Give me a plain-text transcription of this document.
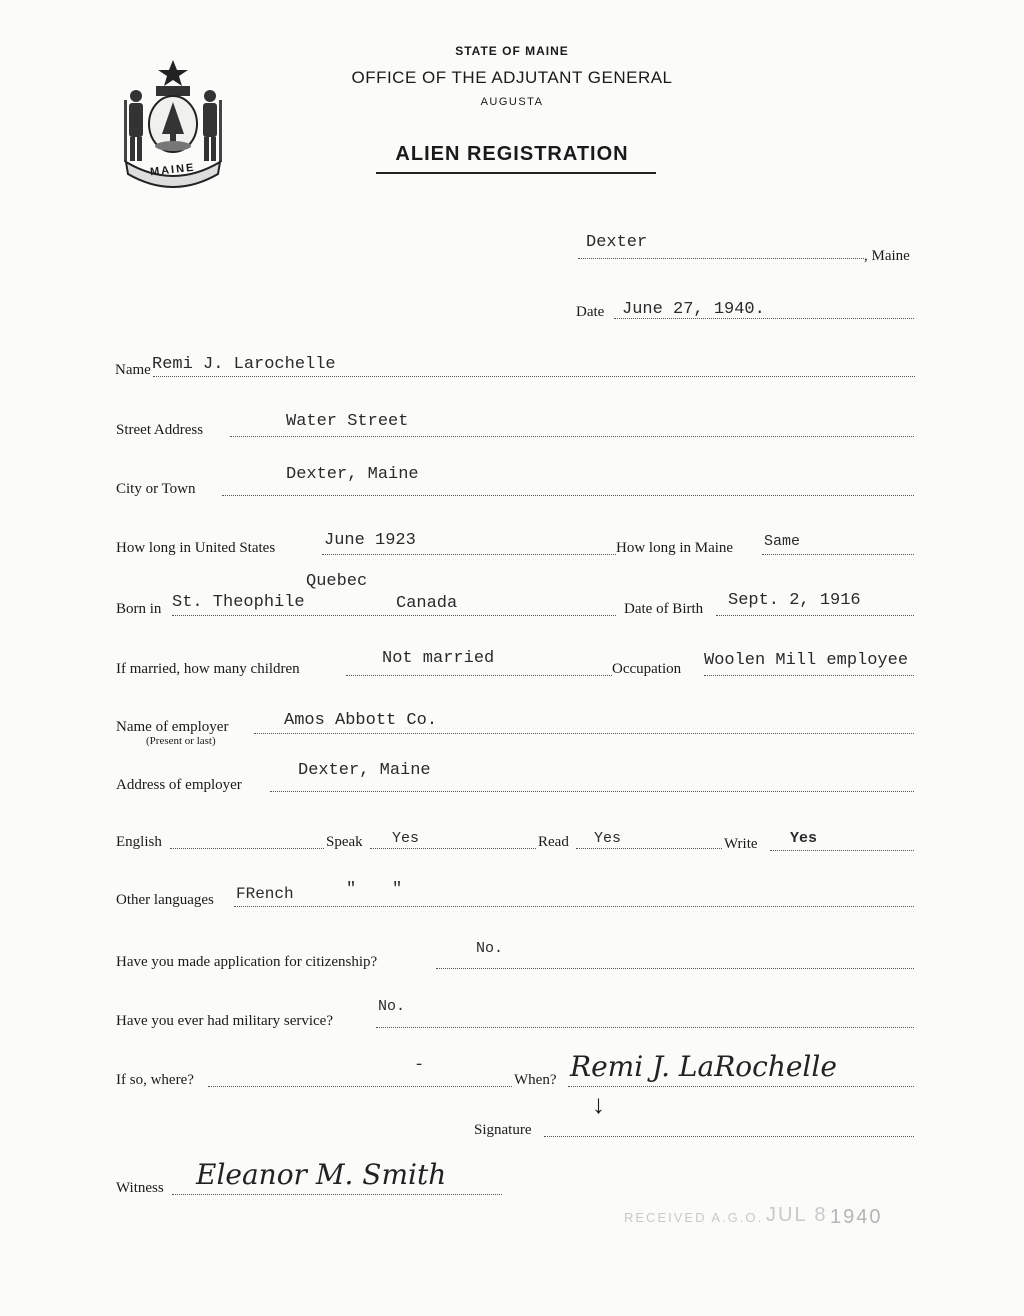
MAINE
STATE OF MAINE
OFFICE OF THE ADJUTANT GENERAL
AUGUSTA
ALIEN REGISTRATION
Dexter
, Maine
Date June 27, 1940.
Name Remi J. Larochelle
Street Address	Water Street
City or Town
Dexter, Maine
How long in United States	June 1923	How long in Maine Same
Quebec
Born in St. Theophile	Canada	Date of Birth Sept. 2, 1916
If married, how many children
Not married
Occupation Woolen Mill employee
Name of employer
(Present or last)
Amos Abbott Co.
Address of employer
Dexter, Maine
English	Speak Yes	Read Yes	Write Yes
Other languages FRench	" "
Have you made application for citizenship?
No.
Have you ever had military service?
No.
If so, where?
-
When? Remi J. LaRochelle
↓
Signature
Witness Eleanor M. Smith
RECEIVED A.G.O. JUL 8 1940
